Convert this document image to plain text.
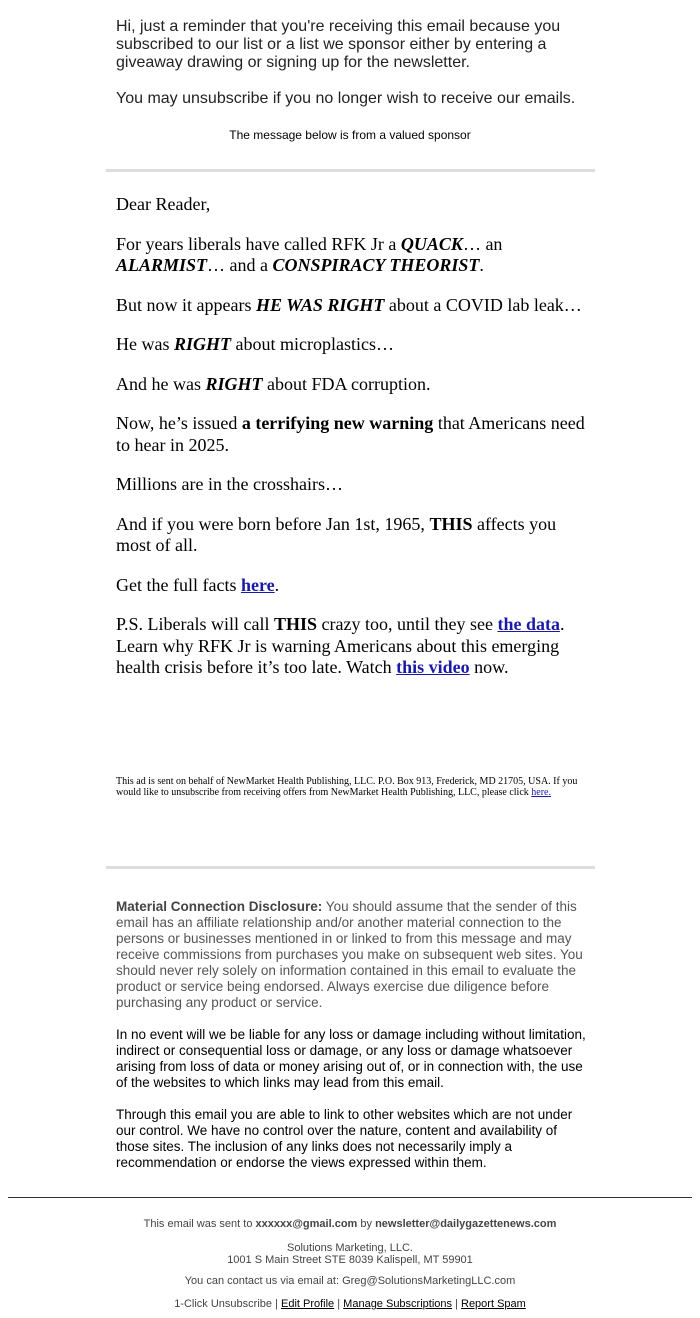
Hi, just a reminder that you're receiving this email because you subscribed to our list or a list we sponsor either by entering a giveaway drawing or signing up for the newsletter.

You may unsubscribe if you no longer wish to receive our emails.

The message below is from a valued sponsor

Dear Reader,

For years liberals have called RFK Jr a QUACK… an ALARMIST… and a CONSPIRACY THEORIST.

But now it appears HE WAS RIGHT about a COVID lab leak…

He was RIGHT about microplastics…

And he was RIGHT about FDA corruption.

Now, he’s issued a terrifying new warning that Americans need to hear in 2025.

Millions are in the crosshairs…

And if you were born before Jan 1st, 1965, THIS affects you most of all.

Get the full facts here.

P.S. Liberals will call THIS crazy too, until they see the data. Learn why RFK Jr is warning Americans about this emerging health crisis before it’s too late. Watch this video now.

This ad is sent on behalf of NewMarket Health Publishing, LLC. P.O. Box 913, Frederick, MD 21705, USA. If you would like to unsubscribe from receiving offers from NewMarket Health Publishing, LLC, please click here.

Material Connection Disclosure: You should assume that the sender of this email has an affiliate relationship and/or another material connection to the persons or businesses mentioned in or linked to from this message and may receive commissions from purchases you make on subsequent web sites. You should never rely solely on information contained in this email to evaluate the product or service being endorsed. Always exercise due diligence before purchasing any product or service.

In no event will we be liable for any loss or damage including without limitation, indirect or consequential loss or damage, or any loss or damage whatsoever arising from loss of data or money arising out of, or in connection with, the use of the websites to which links may lead from this email.

Through this email you are able to link to other websites which are not under our control. We have no control over the nature, content and availability of those sites. The inclusion of any links does not necessarily imply a recommendation or endorse the views expressed within them.

This email was sent to xxxxxx@gmail.com by newsletter@dailygazettenews.com
Solutions Marketing, LLC.
1001 S Main Street STE 8039 Kalispell, MT 59901
You can contact us via email at: Greg@SolutionsMarketingLLC.com
1-Click Unsubscribe | Edit Profile | Manage Subscriptions | Report Spam
